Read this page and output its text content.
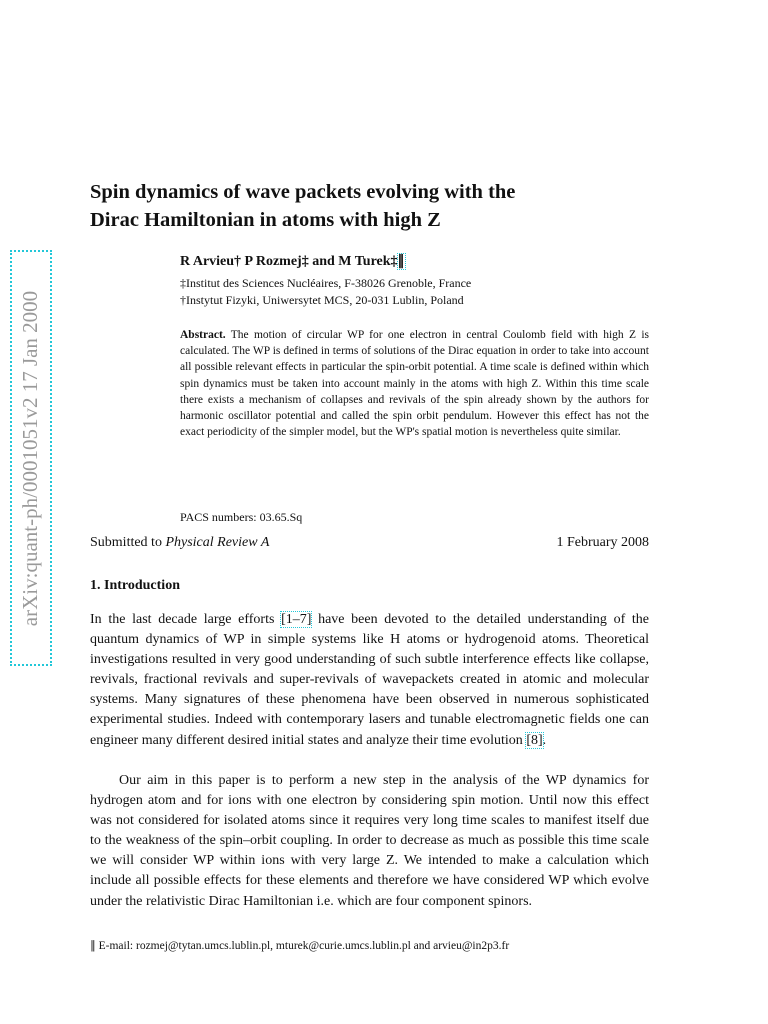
arXiv:quant-ph/0001051v2 17 Jan 2000
Spin dynamics of wave packets evolving with the
Dirac Hamiltonian in atoms with high Z
R Arvieu† P Rozmej‡ and M Turek‡∥
‡Institut des Sciences Nucléaires, F-38026 Grenoble, France
†Instytut Fizyki, Uniwersytet MCS, 20-031 Lublin, Poland
Abstract. The motion of circular WP for one electron in central Coulomb field with high Z is calculated. The WP is defined in terms of solutions of the Dirac equation in order to take into account all possible relevant effects in particular the spin-orbit potential. A time scale is defined within which spin dynamics must be taken into account mainly in the atoms with high Z. Within this time scale there exists a mechanism of collapses and revivals of the spin already shown by the authors for harmonic oscillator potential and called the spin orbit pendulum. However this effect has not the exact periodicity of the simpler model, but the WP's spatial motion is nevertheless quite similar.
PACS numbers: 03.65.Sq
Submitted to Physical Review A	1 February 2008
1. Introduction
In the last decade large efforts [1–7] have been devoted to the detailed understanding of the quantum dynamics of WP in simple systems like H atoms or hydrogenoid atoms. Theoretical investigations resulted in very good understanding of such subtle interference effects like collapse, revivals, fractional revivals and super-revivals of wavepackets created in atomic and molecular systems. Many signatures of these phenomena have been observed in numerous sophisticated experimental studies. Indeed with contemporary lasers and tunable electromagnetic fields one can engineer many different desired initial states and analyze their time evolution [8].
Our aim in this paper is to perform a new step in the analysis of the WP dynamics for hydrogen atom and for ions with one electron by considering spin motion. Until now this effect was not considered for isolated atoms since it requires very long time scales to manifest itself due to the weakness of the spin–orbit coupling. In order to decrease as much as possible this time scale we will consider WP within ions with very large Z. We intended to make a calculation which include all possible effects for these elements and therefore we have considered WP which evolve under the relativistic Dirac Hamiltonian i.e. which are four component spinors.
∥ E-mail: rozmej@tytan.umcs.lublin.pl, mturek@curie.umcs.lublin.pl and arvieu@in2p3.fr
